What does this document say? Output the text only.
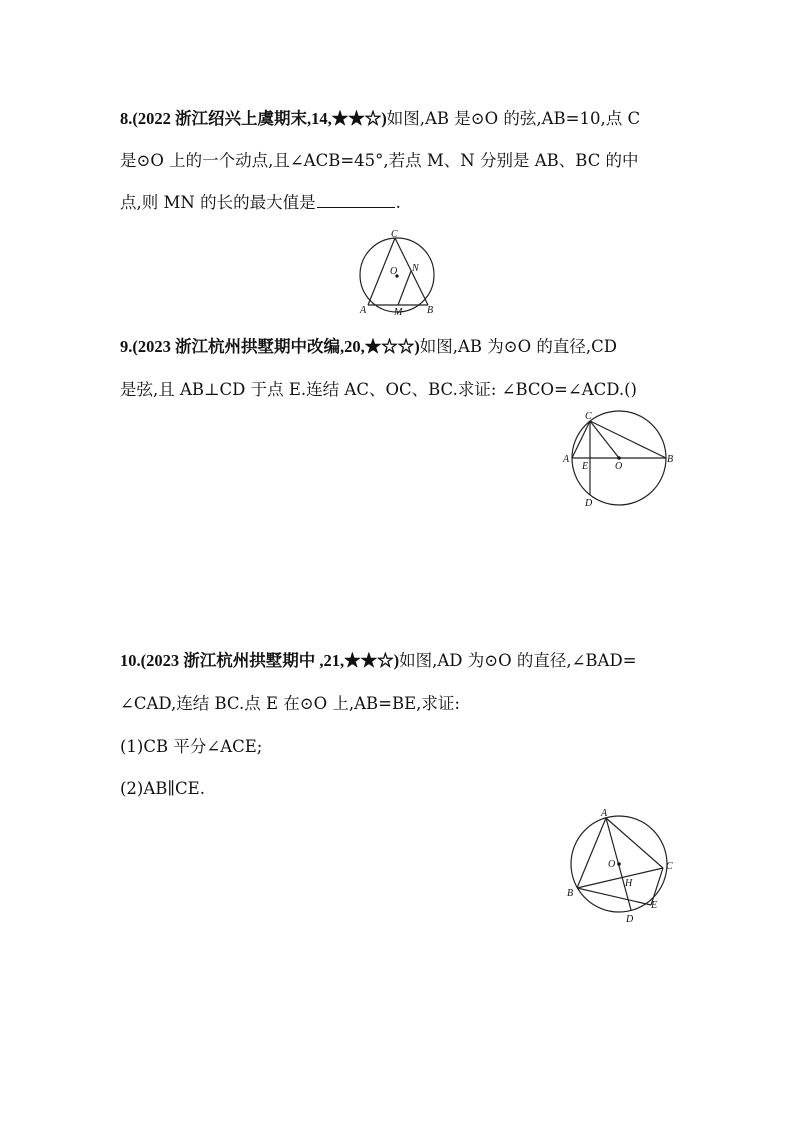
8.(2022 浙江绍兴上虞期末,14,★★☆)如图,AB 是⊙O 的弦,AB=10,点 C
是⊙O 上的一个动点,且∠ACB=45°,若点 M、N 分别是 AB、BC 的中
点,则 MN 的长的最大值是	.
C
O N
A	M B
9.(2023 浙江杭州拱墅期中改编,20,★☆☆)如图,AB 为⊙O 的直径,CD
是弦,且 AB⊥CD 于点 E.连结 AC、OC、BC.求证: ∠BCO=∠ACD.()
C
A
E	O
B
D
10.(2023 浙江杭州拱墅期中 ,21,★★☆)如图,AD 为⊙O 的直径,∠BAD=
∠CAD,连结 BC.点 E 在⊙O 上,AB=BE,求证:
(1)CB 平分∠ACE;
(2)AB∥CE.
A
O	C
H
B
E
D
